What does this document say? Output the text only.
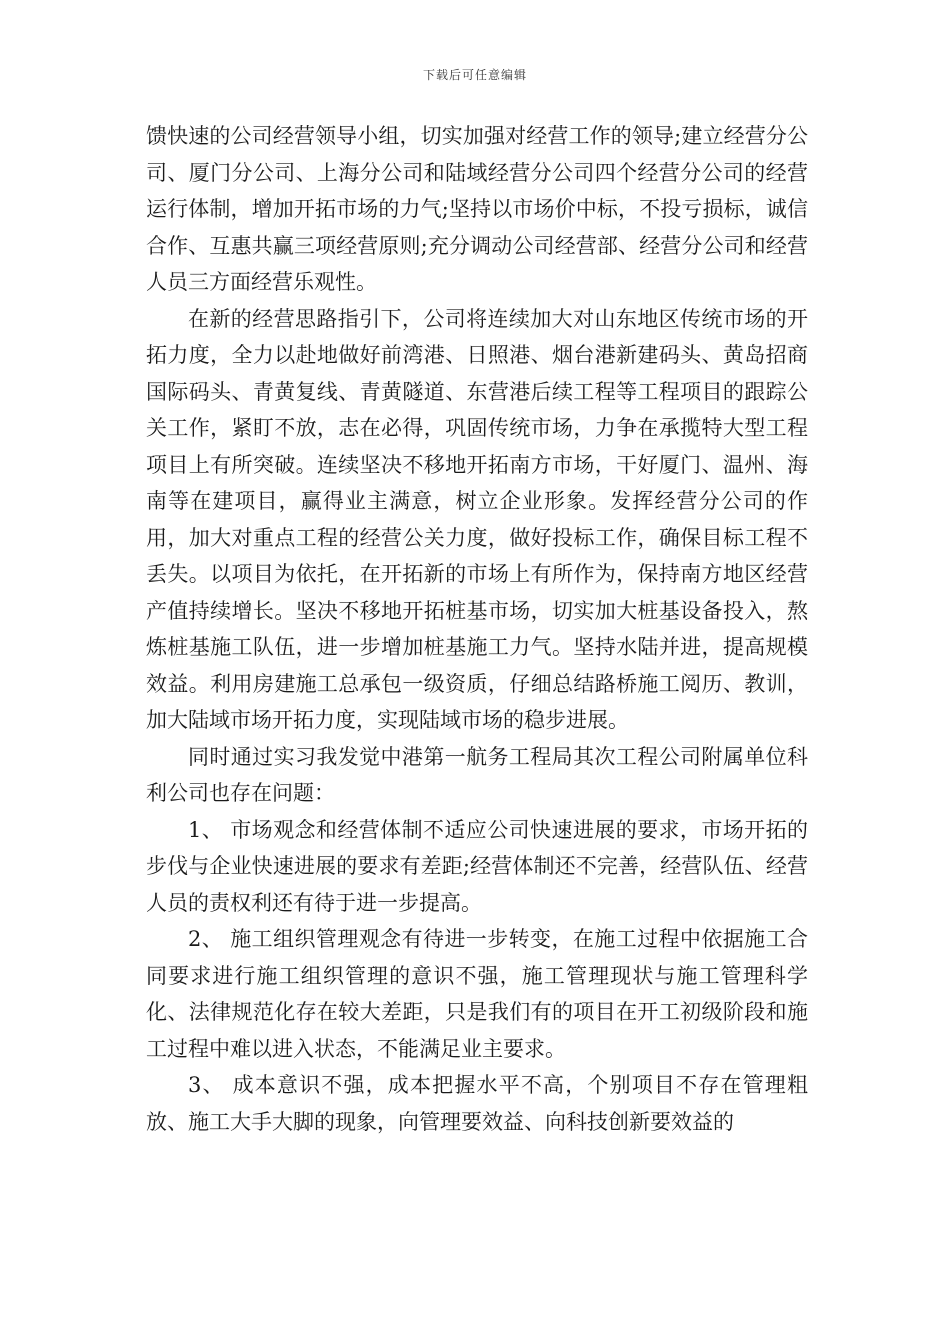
下载后可任意编辑

馈快速的公司经营领导小组，切实加强对经营工作的领导;建立经营分公司、厦门分公司、上海分公司和陆域经营分公司四个经营分公司的经营运行体制，增加开拓市场的力气;坚持以市场价中标，不投亏损标，诚信合作、互惠共赢三项经营原则;充分调动公司经营部、经营分公司和经营人员三方面经营乐观性。

在新的经营思路指引下，公司将连续加大对山东地区传统市场的开拓力度，全力以赴地做好前湾港、日照港、烟台港新建码头、黄岛招商国际码头、青黄复线、青黄隧道、东营港后续工程等工程项目的跟踪公关工作，紧盯不放，志在必得，巩固传统市场，力争在承揽特大型工程项目上有所突破。连续坚决不移地开拓南方市场，干好厦门、温州、海南等在建项目，赢得业主满意，树立企业形象。发挥经营分公司的作用，加大对重点工程的经营公关力度，做好投标工作，确保目标工程不丢失。以项目为依托，在开拓新的市场上有所作为，保持南方地区经营产值持续增长。坚决不移地开拓桩基市场，切实加大桩基设备投入，熬炼桩基施工队伍，进一步增加桩基施工力气。坚持水陆并进，提高规模效益。利用房建施工总承包一级资质，仔细总结路桥施工阅历、教训，加大陆域市场开拓力度，实现陆域市场的稳步进展。

同时通过实习我发觉中港第一航务工程局其次工程公司附属单位科利公司也存在问题：

1、 市场观念和经营体制不适应公司快速进展的要求，市场开拓的步伐与企业快速进展的要求有差距;经营体制还不完善，经营队伍、经营人员的责权利还有待于进一步提高。

2、 施工组织管理观念有待进一步转变，在施工过程中依据施工合同要求进行施工组织管理的意识不强，施工管理现状与施工管理科学化、法律规范化存在较大差距，只是我们有的项目在开工初级阶段和施工过程中难以进入状态，不能满足业主要求。

3、 成本意识不强，成本把握水平不高，个别项目不存在管理粗放、施工大手大脚的现象，向管理要效益、向科技创新要效益的
